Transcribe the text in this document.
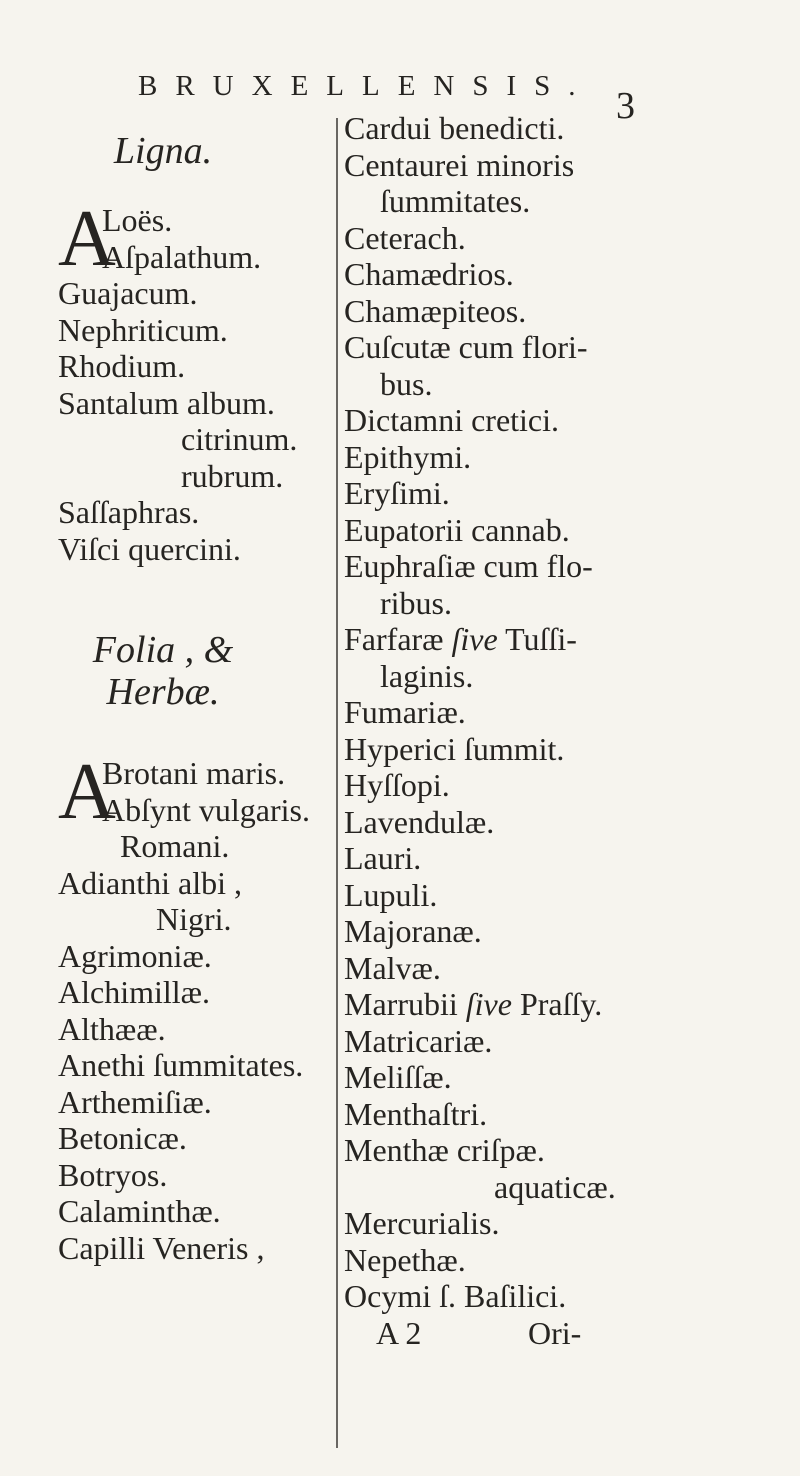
BRUXELLENSIS. 3
Ligna.
A
Loës.
Aſpalathum.
Guajacum.
Nephriticum.
Rhodium.
Santalum album.
citrinum.
rubrum.
Saſſaphras.
Viſci quercini.
Folia , &
Herbæ.
A
Brotani maris.
Abſynt vulgaris.
Romani.
Adianthi albi ,
Nigri.
Agrimoniæ.
Alchimillæ.
Althææ.
Anethi ſummitates.
Arthemiſiæ.
Betonicæ.
Botryos.
Calaminthæ.
Capilli Veneris ,
Cardui benedicti.
Centaurei minoris
ſummitates.
Ceterach.
Chamædrios.
Chamæpiteos.
Cuſcutæ cum flori-
bus.
Dictamni cretici.
Epithymi.
Eryſimi.
Eupatorii cannab.
Euphraſiæ cum flo-
ribus.
Farfaræ ſive Tuſſi-
laginis.
Fumariæ.
Hyperici ſummit.
Hyſſopi.
Lavendulæ.
Lauri.
Lupuli.
Majoranæ.
Malvæ.
Marrubii ſive Praſſy.
Matricariæ.
Meliſſæ.
Menthaſtri.
Menthæ criſpæ.
aquaticæ.
Mercurialis.
Nepethæ.
Ocymi ſ. Baſilici.
A 2	Ori-
